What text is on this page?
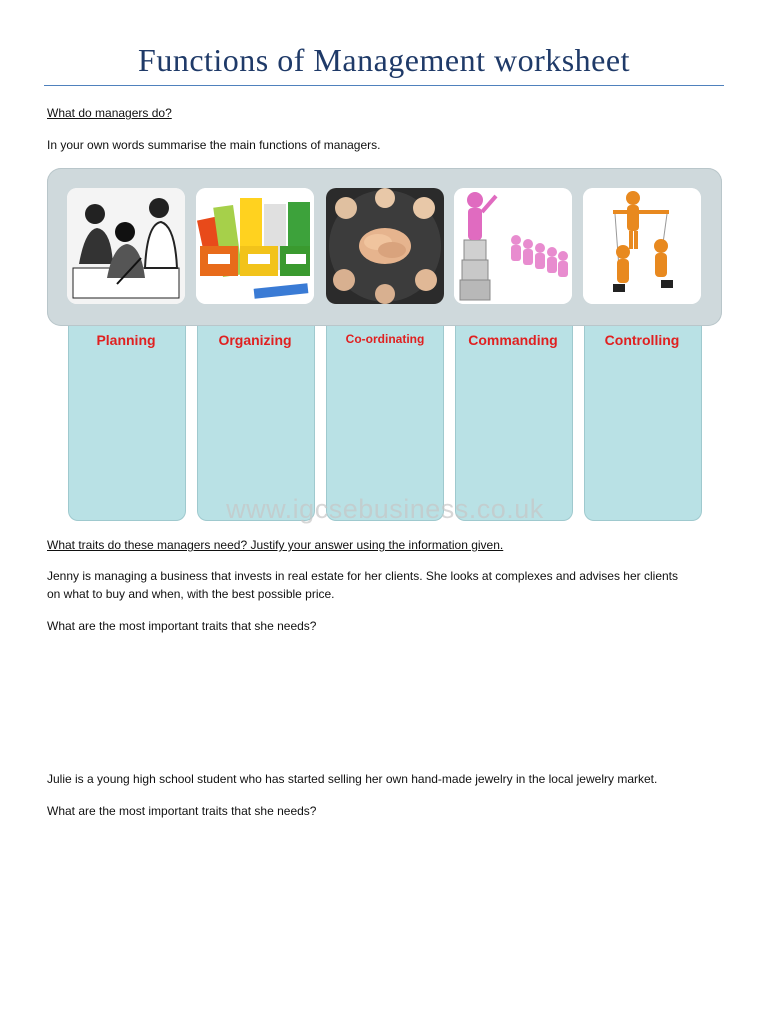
Functions of Management worksheet
What do managers do?
In your own words summarise the main functions of managers.
Planning	Organizing	Co-ordinating	Commanding	Controlling
www.igcsebusiness.co.uk
What traits do these managers need? Justify your answer using the information given.
Jenny is managing a business that invests in real estate for her clients. She looks at complexes and advises her clients
on what to buy and when, with the best possible price.
What are the most important traits that she needs?
Julie is a young high school student who has started selling her own hand-made jewelry in the local jewelry market.
What are the most important traits that she needs?
